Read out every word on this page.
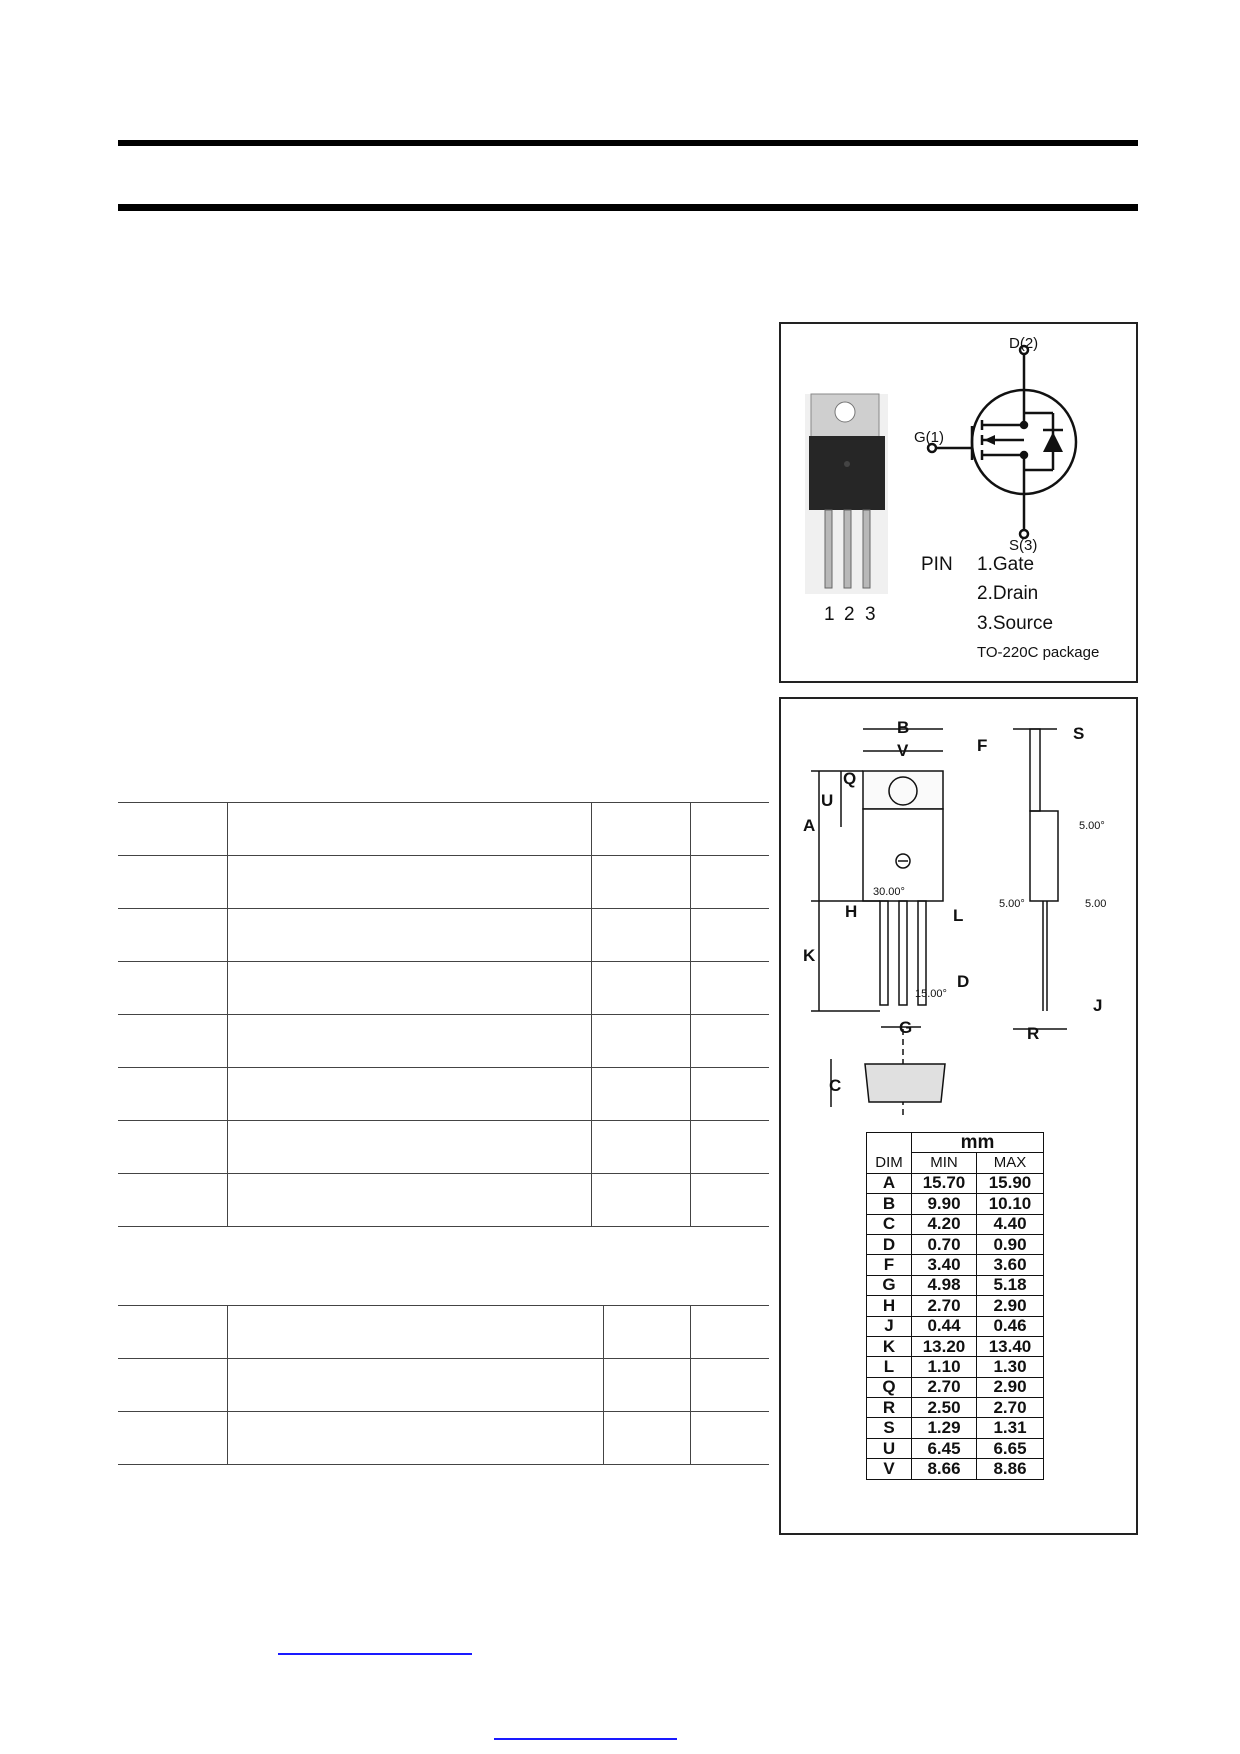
1 2 3
D(2)
G(1)
S(3)
PIN 1.Gate
2.Drain
3.Source
TO-220C package
B
V	F
S
Q
U
A
H	L
K
D
G
C
R
J
5.00°
5.00°	5.00
30.00°
15.00°
	mm	
DIM	MIN	MAX
A	15.70	15.90
B	9.90	10.10
C	4.20	4.40
D	0.70	0.90
F	3.40	3.60
G	4.98	5.18
H	2.70	2.90
J	0.44	0.46
K	13.20	13.40
L	1.10	1.30
Q	2.70	2.90
R	2.50	2.70
S	1.29	1.31
U	6.45	6.65
V	8.66	8.86
